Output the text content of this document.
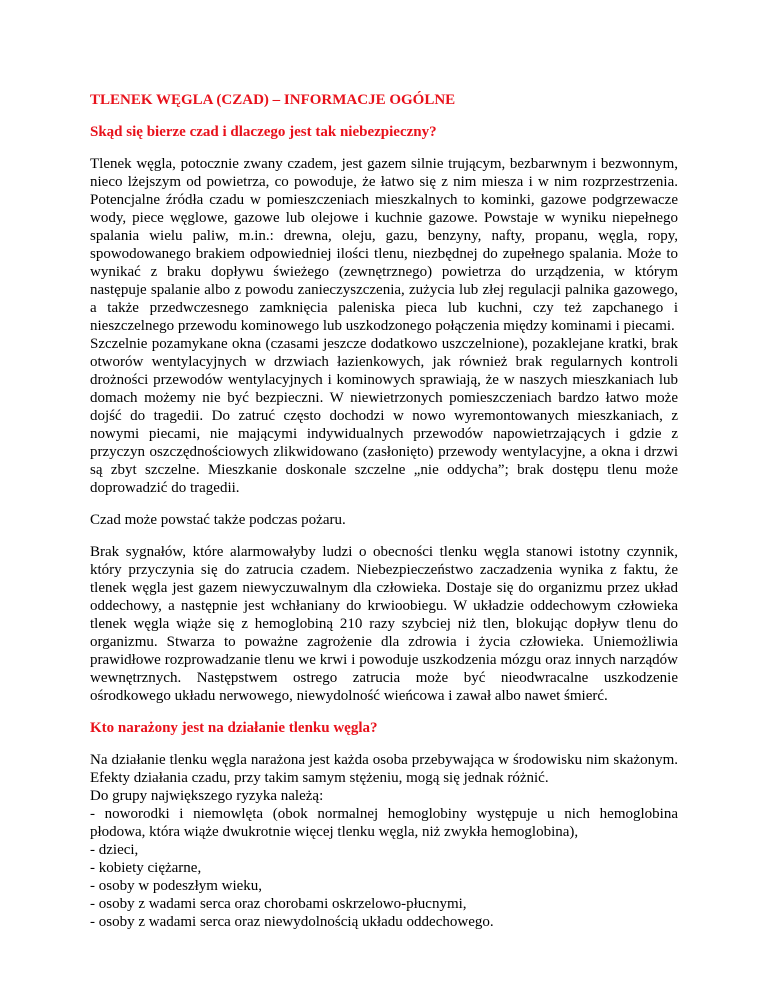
TLENEK WĘGLA (CZAD) – INFORMACJE OGÓLNE
Skąd się bierze czad i dlaczego jest tak niebezpieczny?
Tlenek węgla, potocznie zwany czadem, jest gazem silnie trującym, bezbarwnym i bezwonnym, nieco lżejszym od powietrza, co powoduje, że łatwo się z nim miesza i w nim rozprzestrzenia. Potencjalne źródła czadu w pomieszczeniach mieszkalnych to kominki, gazowe podgrzewacze wody, piece węglowe, gazowe lub olejowe i kuchnie gazowe. Powstaje w wyniku niepełnego spalania wielu paliw, m.in.: drewna, oleju, gazu, benzyny, nafty, propanu, węgla, ropy, spowodowanego brakiem odpowiedniej ilości tlenu, niezbędnej do zupełnego spalania. Może to wynikać z braku dopływu świeżego (zewnętrznego) powietrza do urządzenia, w którym następuje spalanie albo z powodu zanieczyszczenia, zużycia lub złej regulacji palnika gazowego, a także przedwczesnego zamknięcia paleniska pieca lub kuchni, czy też zapchanego i nieszczelnego przewodu kominowego lub uszkodzonego połączenia między kominami i piecami.
Szczelnie pozamykane okna (czasami jeszcze dodatkowo uszczelnione), pozaklejane kratki, brak otworów wentylacyjnych w drzwiach łazienkowych, jak również brak regularnych kontroli drożności przewodów wentylacyjnych i kominowych sprawiają, że w naszych mieszkaniach lub domach możemy nie być bezpieczni. W niewietrzonych pomieszczeniach bardzo łatwo może dojść do tragedii. Do zatruć często dochodzi w nowo wyremontowanych mieszkaniach, z nowymi piecami, nie mającymi indywidualnych przewodów napowietrzających i gdzie z przyczyn oszczędnościowych zlikwidowano (zasłonięto) przewody wentylacyjne, a okna i drzwi są zbyt szczelne. Mieszkanie doskonale szczelne „nie oddycha”; brak dostępu tlenu może doprowadzić do tragedii.
Czad może powstać także podczas pożaru.
Brak sygnałów, które alarmowałyby ludzi o obecności tlenku węgla stanowi istotny czynnik, który przyczynia się do zatrucia czadem. Niebezpieczeństwo zaczadzenia wynika z faktu, że tlenek węgla jest gazem niewyczuwalnym dla człowieka. Dostaje się do organizmu przez układ oddechowy, a następnie jest wchłaniany do krwioobiegu. W układzie oddechowym człowieka tlenek węgla wiąże się z hemoglobiną 210 razy szybciej niż tlen, blokując dopływ tlenu do organizmu. Stwarza to poważne zagrożenie dla zdrowia i życia człowieka. Uniemożliwia prawidłowe rozprowadzanie tlenu we krwi i powoduje uszkodzenia mózgu oraz innych narządów wewnętrznych. Następstwem ostrego zatrucia może być nieodwracalne uszkodzenie ośrodkowego układu nerwowego, niewydolność wieńcowa i zawał albo nawet śmierć.
Kto narażony jest na działanie tlenku węgla?
Na działanie tlenku węgla narażona jest każda osoba przebywająca w środowisku nim skażonym. Efekty działania czadu, przy takim samym stężeniu, mogą się jednak różnić.
Do grupy największego ryzyka należą:
- noworodki i niemowlęta (obok normalnej hemoglobiny występuje u nich hemoglobina płodowa, która wiąże dwukrotnie więcej tlenku węgla, niż zwykła hemoglobina),
- dzieci,
- kobiety ciężarne,
- osoby w podeszłym wieku,
- osoby z wadami serca oraz chorobami oskrzelowo-płucnymi,
- osoby z wadami serca oraz niewydolnością układu oddechowego.
